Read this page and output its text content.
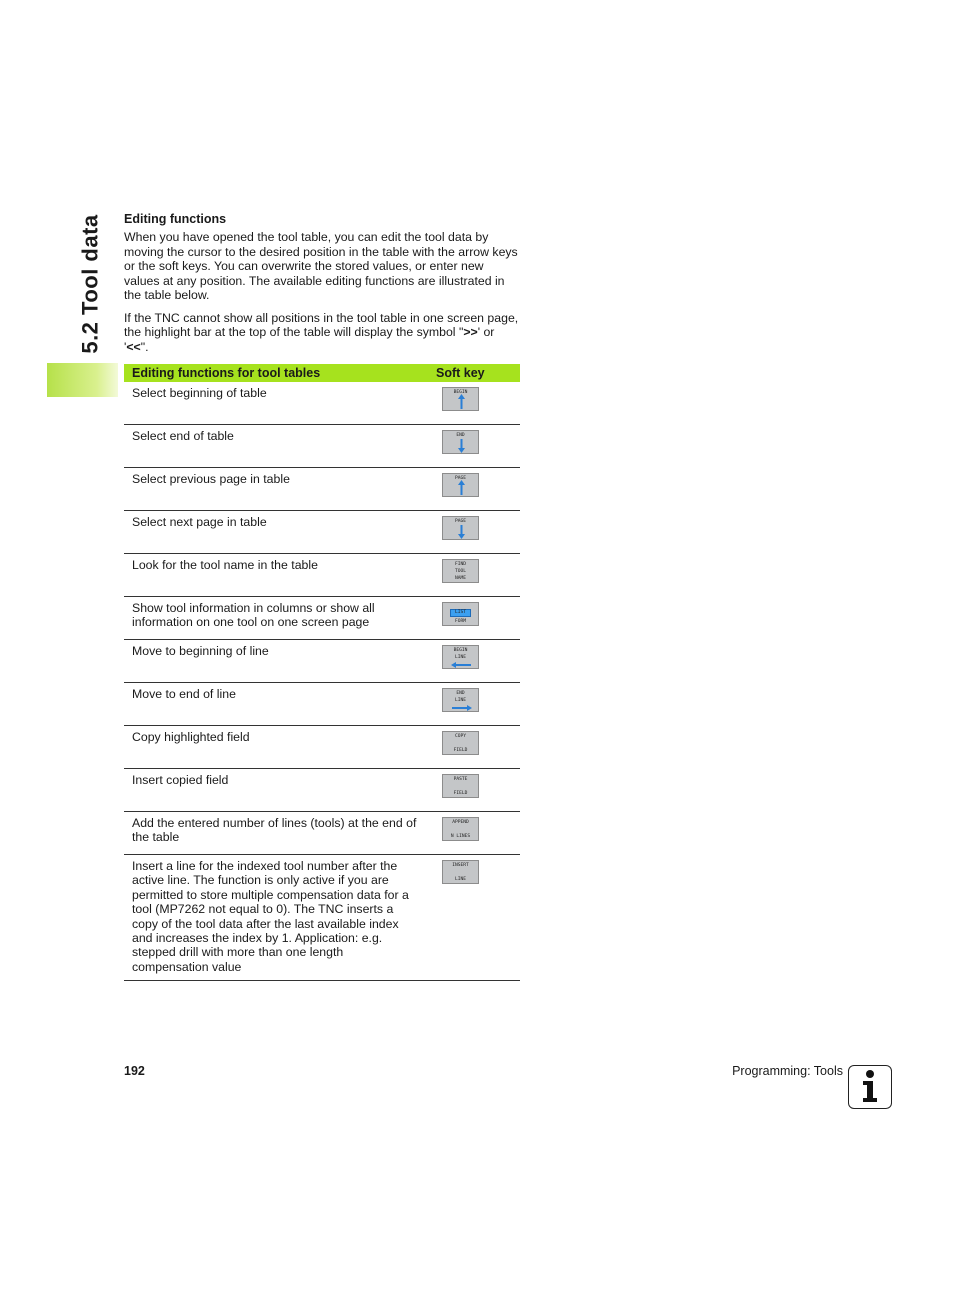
5.2 Tool data Editing functions

When you have opened the tool table, you can edit the tool data by moving the cursor to the desired position in the table with the arrow keys or the soft keys. You can overwrite the stored values, or enter new values at any position. The available editing functions are illustrated in the table below.

If the TNC cannot show all positions in the tool table in one screen page, the highlight bar at the top of the table will display the symbol ">>' or '<<".

Editing functions for tool tables	Soft key
Select beginning of table	BEGIN

Select end of table	END

Select previous page in table	PAGE

Select next page in table	PAGE

Look for the tool name in the table	FIND
TOOL
NAME

Show tool information in columns or show all information on one tool on one screen page	LIST
FORM

Move to beginning of line	BEGIN
LINE

Move to end of line	END
LINE

Copy highlighted field	COPY
FIELD

Insert copied field	PASTE
FIELD

Add the entered number of lines (tools) at the end of the table	APPEND
N LINES

Insert a line for the indexed tool number after the active line. The function is only active if you are permitted to store multiple compensation data for a tool (MP7262 not equal to 0). The TNC inserts a copy of the tool data after the last available index and increases the index by 1. Application: e.g. stepped drill with more than one length compensation value	INSERT
LINE
192	Programming: Tools
